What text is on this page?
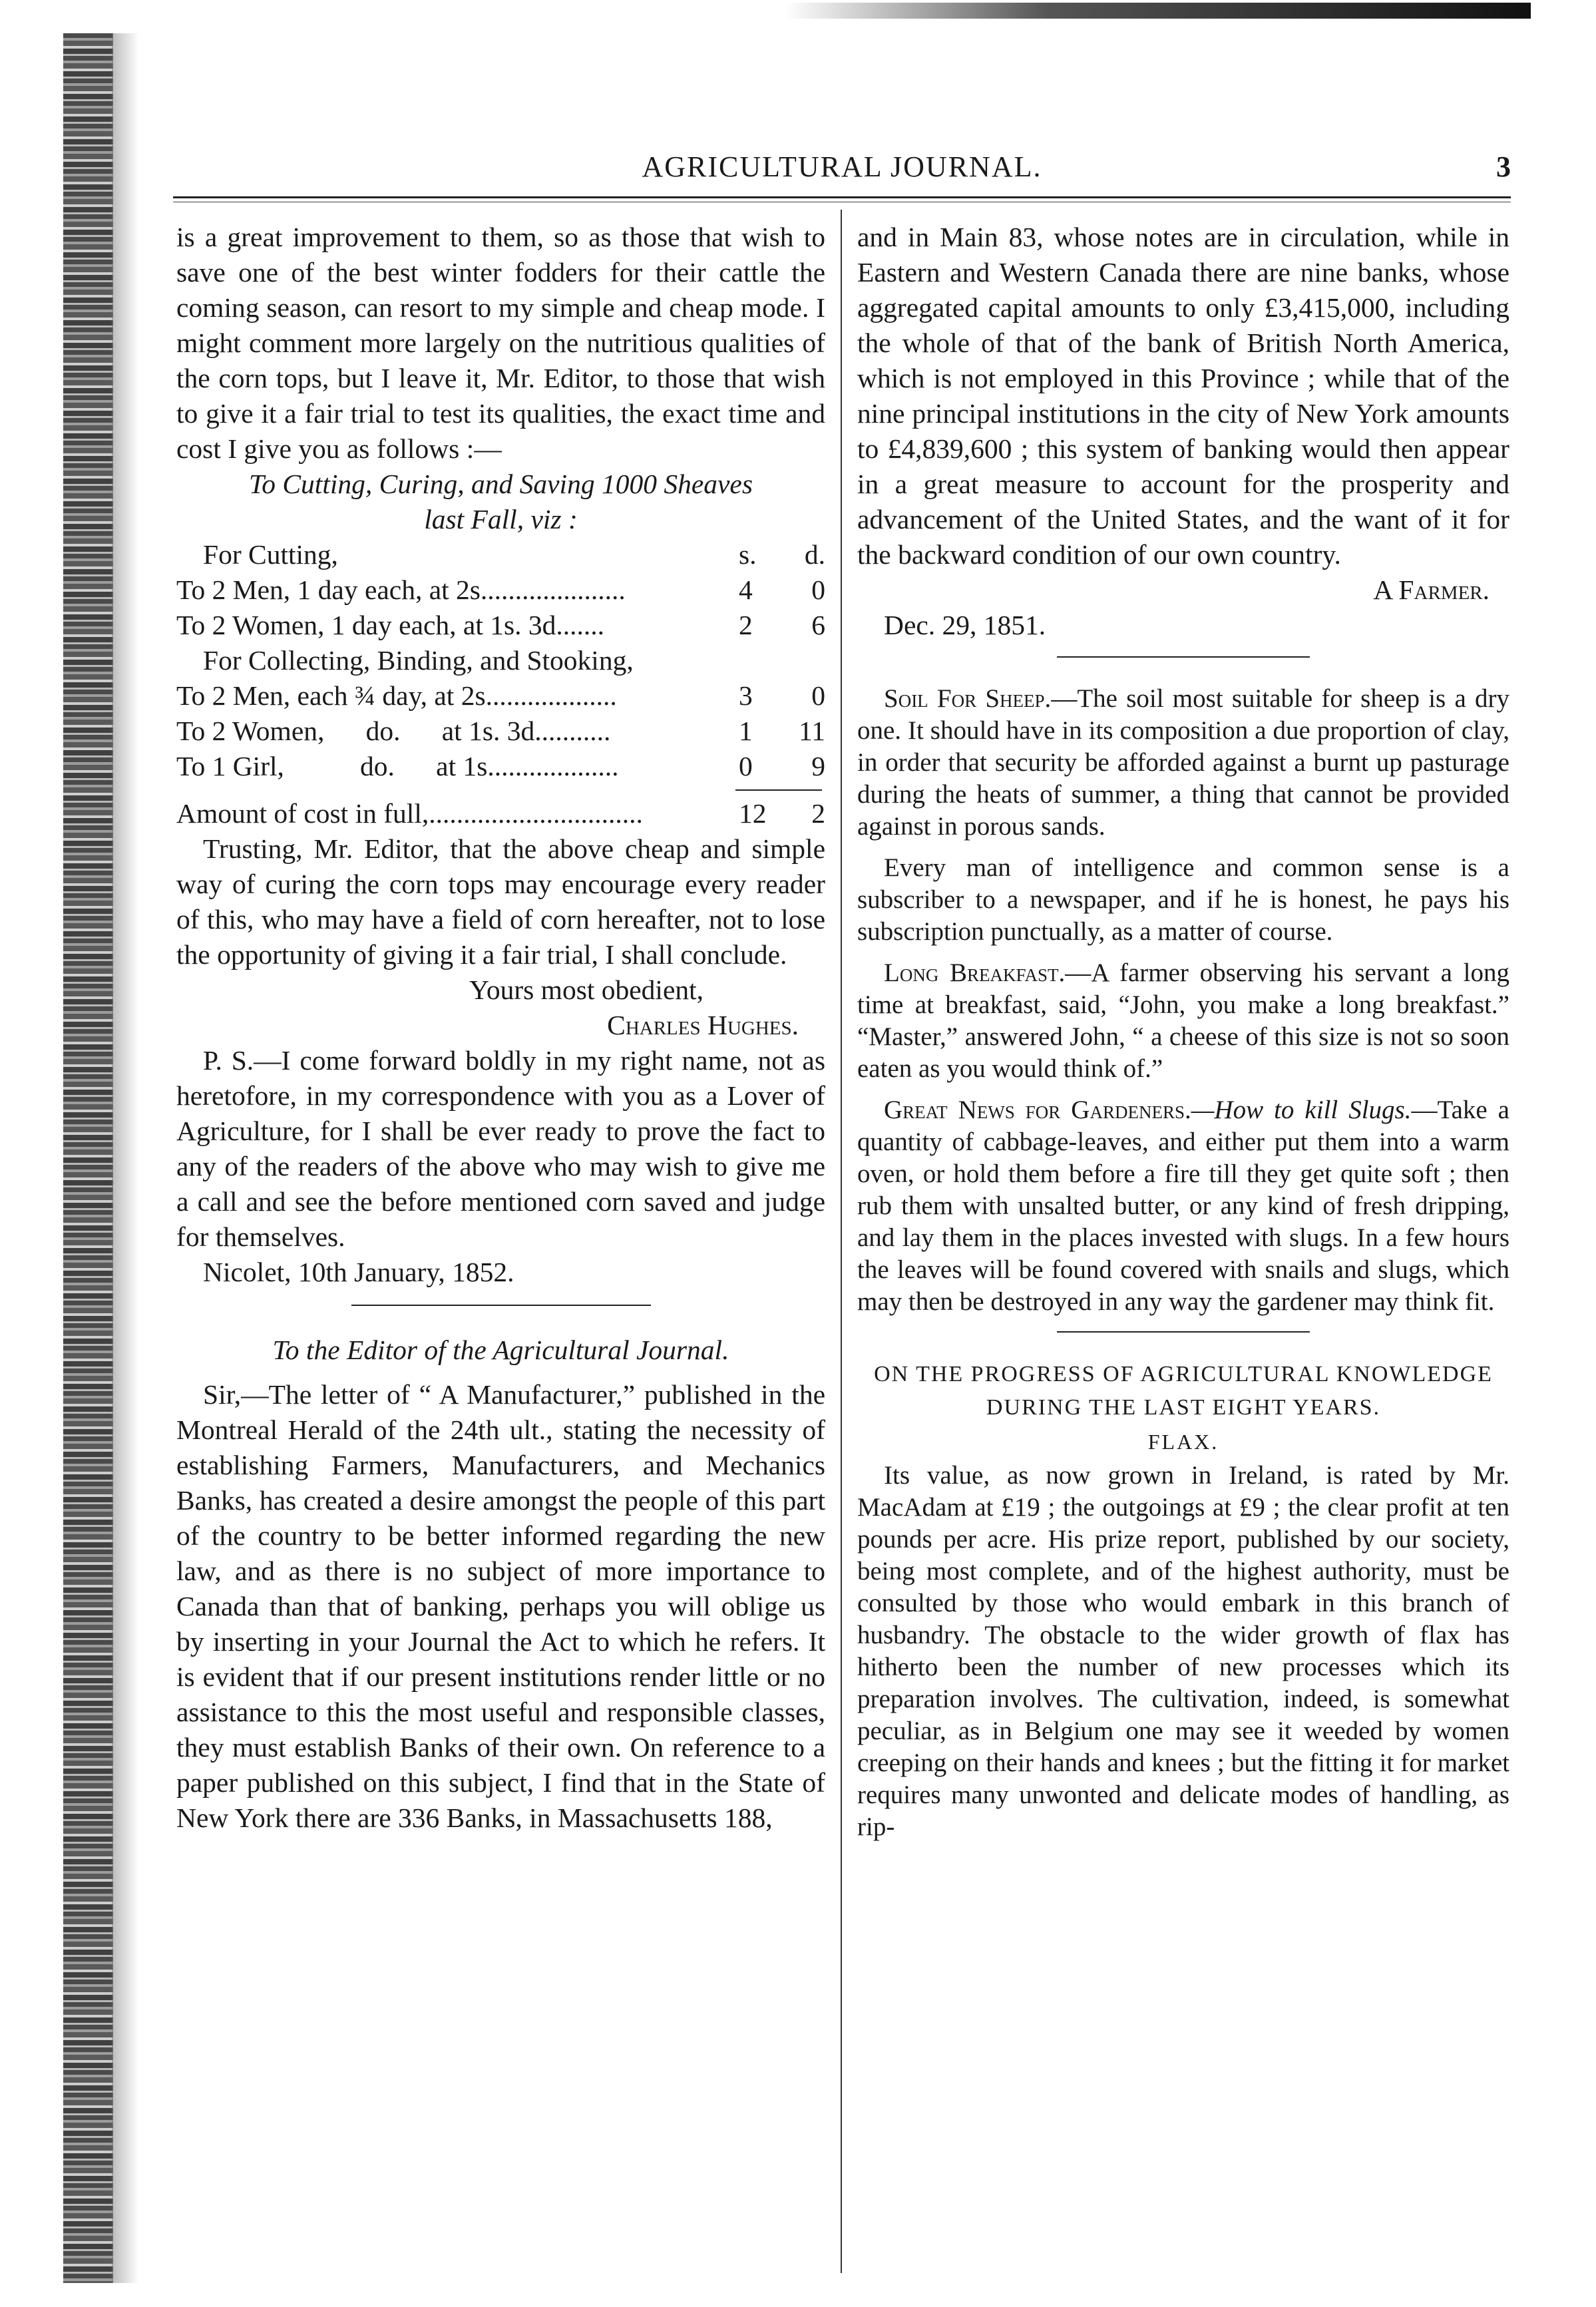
AGRICULTURAL JOURNAL.	3

is a great improvement to them, so as those that wish to save one of the best winter fodders for their cattle the coming season, can resort to my simple and cheap mode. I might comment more largely on the nutritious qualities of the corn tops, but I leave it, Mr. Editor, to those that wish to give it a fair trial to test its qualities, the exact time and cost I give you as follows :—

To Cutting, Curing, and Saving 1000 Sheaves

last Fall, viz :

For Cutting,	s. d.
To 2 Men, 1 day each, at 2s.....................	4 0
To 2 Women, 1 day each, at 1s. 3d.......	2 6
For Collecting, Binding, and Stooking,
To 2 Men, each ¾ day, at 2s...................	3 0
To 2 Women,      do.      at 1s. 3d...........	1 11
To 1 Girl,           do.      at 1s...................	0 9
Amount of cost in full,...............................	12 2

Trusting, Mr. Editor, that the above cheap and simple way of curing the corn tops may encourage every reader of this, who may have a field of corn hereafter, not to lose the opportunity of giving it a fair trial, I shall conclude.

Yours most obedient,

Charles Hughes.

P. S.—I come forward boldly in my right name, not as heretofore, in my correspondence with you as a Lover of Agriculture, for I shall be ever ready to prove the fact to any of the readers of the above who may wish to give me a call and see the before mentioned corn saved and judge for themselves.

Nicolet, 10th January, 1852.

To the Editor of the Agricultural Journal.

Sir,—The letter of “ A Manufacturer,” published in the Montreal Herald of the 24th ult., stating the necessity of establishing Farmers, Manufacturers, and Mechanics Banks, has created a desire amongst the people of this part of the country to be better informed regarding the new law, and as there is no subject of more importance to Canada than that of banking, perhaps you will oblige us by inserting in your Journal the Act to which he refers. It is evident that if our present institutions render little or no assistance to this the most useful and responsible classes, they must establish Banks of their own. On reference to a paper published on this subject, I find that in the State of New York there are 336 Banks, in Massachusetts 188,

and in Main 83, whose notes are in circulation, while in Eastern and Western Canada there are nine banks, whose aggregated capital amounts to only £3,415,000, including the whole of that of the bank of British North America, which is not employed in this Province ; while that of the nine principal institutions in the city of New York amounts to £4,839,600 ; this system of banking would then appear in a great measure to account for the prosperity and advancement of the United States, and the want of it for the backward condition of our own country.

A Farmer.

Dec. 29, 1851.

Soil For Sheep.—The soil most suitable for sheep is a dry one. It should have in its composition a due proportion of clay, in order that security be afforded against a burnt up pasturage during the heats of summer, a thing that cannot be provided against in porous sands.

Every man of intelligence and common sense is a subscriber to a newspaper, and if he is honest, he pays his subscription punctually, as a matter of course.

Long Breakfast.—A farmer observing his servant a long time at breakfast, said, “John, you make a long breakfast.” “Master,” answered John, “ a cheese of this size is not so soon eaten as you would think of.”

Great News for Gardeners.—How to kill Slugs.—Take a quantity of cabbage-leaves, and either put them into a warm oven, or hold them before a fire till they get quite soft ; then rub them with unsalted butter, or any kind of fresh dripping, and lay them in the places invested with slugs. In a few hours the leaves will be found covered with snails and slugs, which may then be destroyed in any way the gardener may think fit.

ON THE PROGRESS OF AGRICULTURAL KNOWLEDGE DURING THE LAST EIGHT YEARS.

FLAX.

Its value, as now grown in Ireland, is rated by Mr. MacAdam at £19 ; the outgoings at £9 ; the clear profit at ten pounds per acre. His prize report, published by our society, being most complete, and of the highest authority, must be consulted by those who would embark in this branch of husbandry. The obstacle to the wider growth of flax has hitherto been the number of new processes which its preparation involves. The cultivation, indeed, is somewhat peculiar, as in Belgium one may see it weeded by women creeping on their hands and knees ; but the fitting it for market requires many unwonted and delicate modes of handling, as rip-
